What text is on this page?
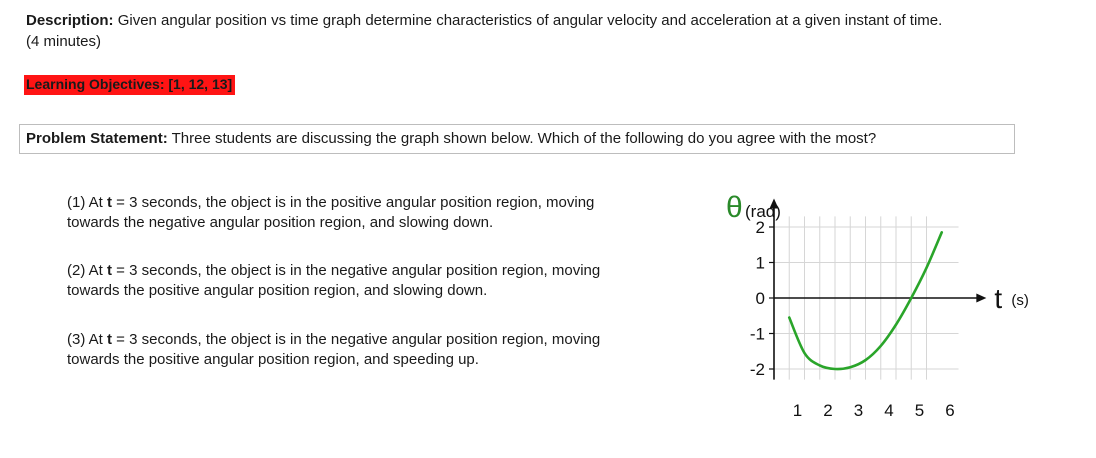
Description: Given angular position vs time graph determine characteristics of angular velocity and acceleration at a given instant of time.
(4 minutes)
Learning Objectives: [1, 12, 13]
Problem Statement: Three students are discussing the graph shown below. Which of the following do you agree with the most?
(1) At t = 3 seconds, the object is in the positive angular position region, moving
towards the negative angular position region, and slowing down.
(2) At t = 3 seconds, the object is in the negative angular position region, moving
towards the positive angular position region, and slowing down.
(3) At t = 3 seconds, the object is in the negative angular position region, moving
towards the positive angular position region, and speeding up.
2
1
0
-1
-2
1 2 3 4 5 6
θ (rad)
t (s)
